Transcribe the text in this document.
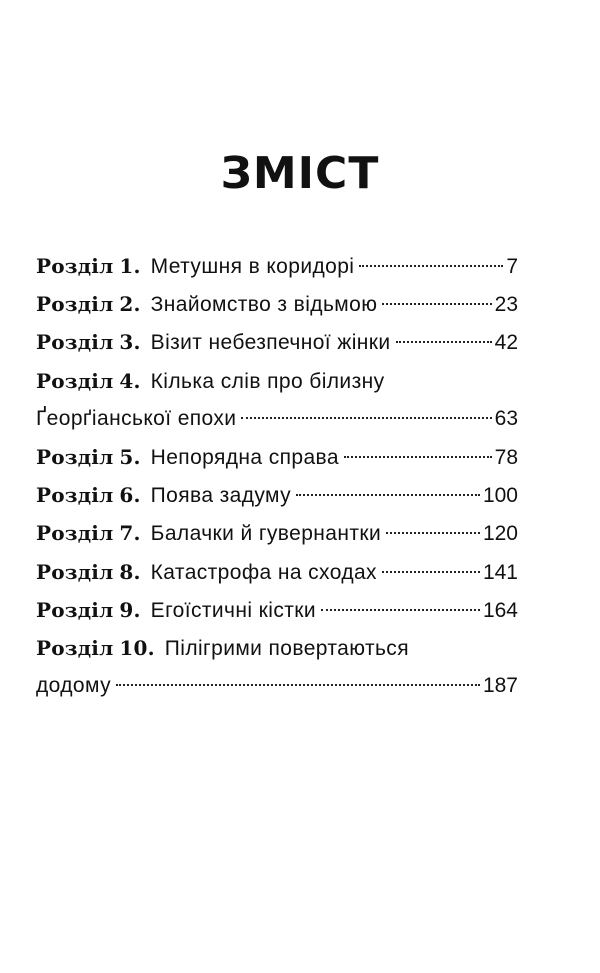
ЗМІСТ
Розділ 1. Метушня в коридорі	7
Розділ 2. Знайомство з відьмою	23
Розділ 3. Візит небезпечної жінки	42
Розділ 4. Кілька слів про білизну
Ґеорґіанської епохи	63
Розділ 5. Непорядна справа	78
Розділ 6. Поява задуму	100
Розділ 7. Балачки й гувернантки	120
Розділ 8. Катастрофа на сходах	141
Розділ 9. Егоїстичні кістки	164
Розділ 10. Пілігрими повертаються
додому	187
